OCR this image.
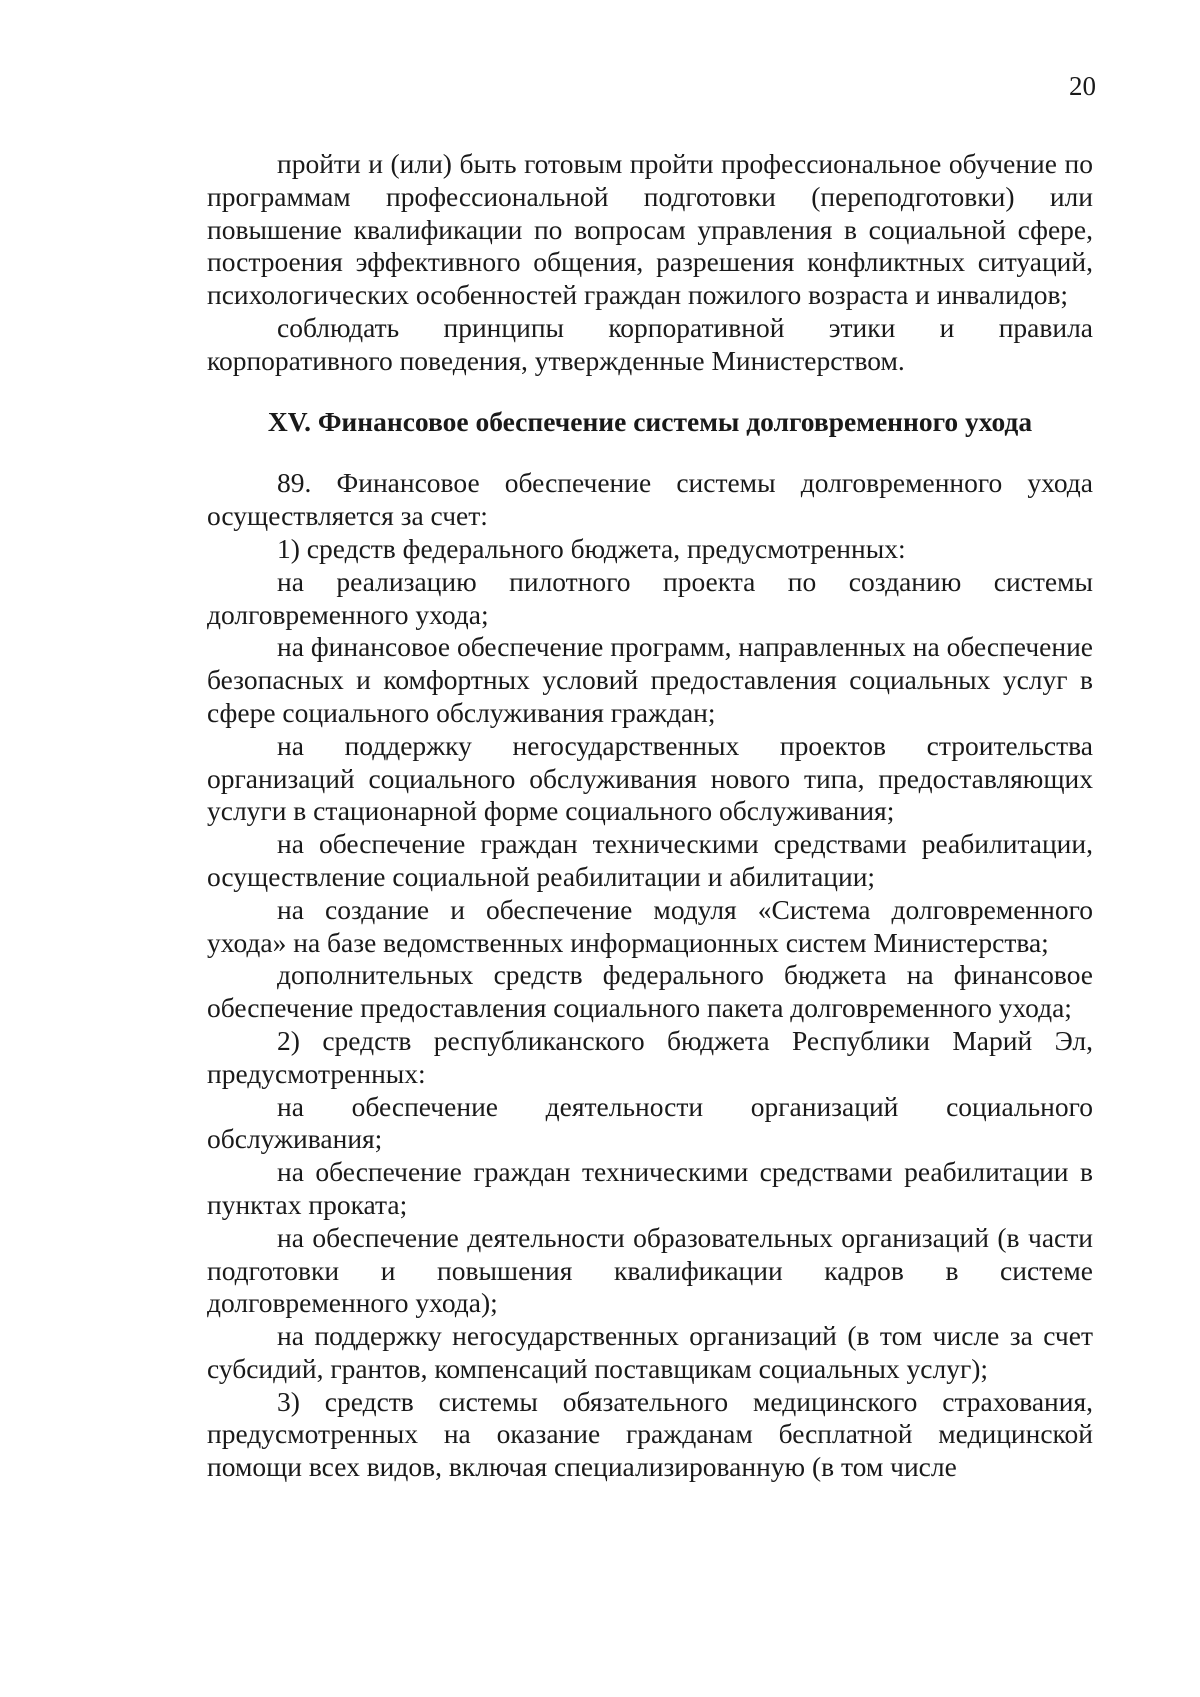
20

пройти и (или) быть готовым пройти профессиональное обучение по программам профессиональной подготовки (переподготовки) или повышение квалификации по вопросам управления в социальной сфере, построения эффективного общения, разрешения конфликтных ситуаций, психологических особенностей граждан пожилого возраста и инвалидов;

соблюдать принципы корпоративной этики и правила корпоративного поведения, утвержденные Министерством.

XV. Финансовое обеспечение системы долговременного ухода

89. Финансовое обеспечение системы долговременного ухода осуществляется за счет:

1) средств федерального бюджета, предусмотренных:

на реализацию пилотного проекта по созданию системы долговременного ухода;

на финансовое обеспечение программ, направленных на обеспечение безопасных и комфортных условий предоставления социальных услуг в сфере социального обслуживания граждан;

на поддержку негосударственных проектов строительства организаций социального обслуживания нового типа, предоставляющих услуги в стационарной форме социального обслуживания;

на обеспечение граждан техническими средствами реабилитации, осуществление социальной реабилитации и абилитации;

на создание и обеспечение модуля «Система долговременного ухода» на базе ведомственных информационных систем Министерства;

дополнительных средств федерального бюджета на финансовое обеспечение предоставления социального пакета долговременного ухода;

2) средств республиканского бюджета Республики Марий Эл, предусмотренных:

на обеспечение деятельности организаций социального обслуживания;

на обеспечение граждан техническими средствами реабилитации в пунктах проката;

на обеспечение деятельности образовательных организаций (в части подготовки и повышения квалификации кадров в системе долговременного ухода);

на поддержку негосударственных организаций (в том числе за счет субсидий, грантов, компенсаций поставщикам социальных услуг);

3) средств системы обязательного медицинского страхования, предусмотренных на оказание гражданам бесплатной медицинской помощи всех видов, включая специализированную (в том числе
